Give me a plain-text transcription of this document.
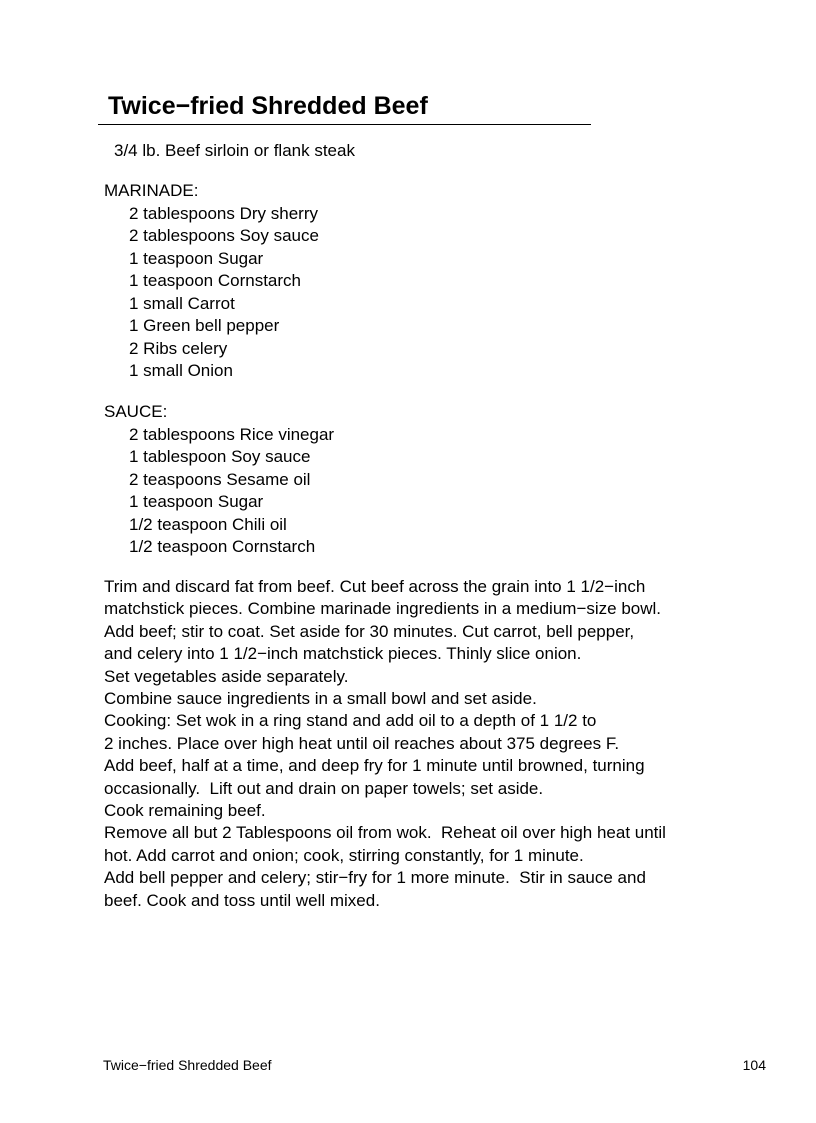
Twice−fried Shredded Beef
3/4 lb. Beef sirloin or flank steak
MARINADE:
2 tablespoons Dry sherry
2 tablespoons Soy sauce
1 teaspoon Sugar
1 teaspoon Cornstarch
1 small Carrot
1 Green bell pepper
2 Ribs celery
1 small Onion
SAUCE:
2 tablespoons Rice vinegar
1 tablespoon Soy sauce
2 teaspoons Sesame oil
1 teaspoon Sugar
1/2 teaspoon Chili oil
1/2 teaspoon Cornstarch
Trim and discard fat from beef. Cut beef across the grain into 1 1/2−inch
matchstick pieces. Combine marinade ingredients in a medium−size bowl.
Add beef; stir to coat. Set aside for 30 minutes. Cut carrot, bell pepper,
and celery into 1 1/2−inch matchstick pieces. Thinly slice onion.
Set vegetables aside separately.
Combine sauce ingredients in a small bowl and set aside.
Cooking: Set wok in a ring stand and add oil to a depth of 1 1/2 to
2 inches. Place over high heat until oil reaches about 375 degrees F.
Add beef, half at a time, and deep fry for 1 minute until browned, turning
occasionally.  Lift out and drain on paper towels; set aside.
Cook remaining beef.
Remove all but 2 Tablespoons oil from wok.  Reheat oil over high heat until
hot. Add carrot and onion; cook, stirring constantly, for 1 minute.
Add bell pepper and celery; stir−fry for 1 more minute.  Stir in sauce and
beef. Cook and toss until well mixed.
Twice−fried Shredded Beef	104
